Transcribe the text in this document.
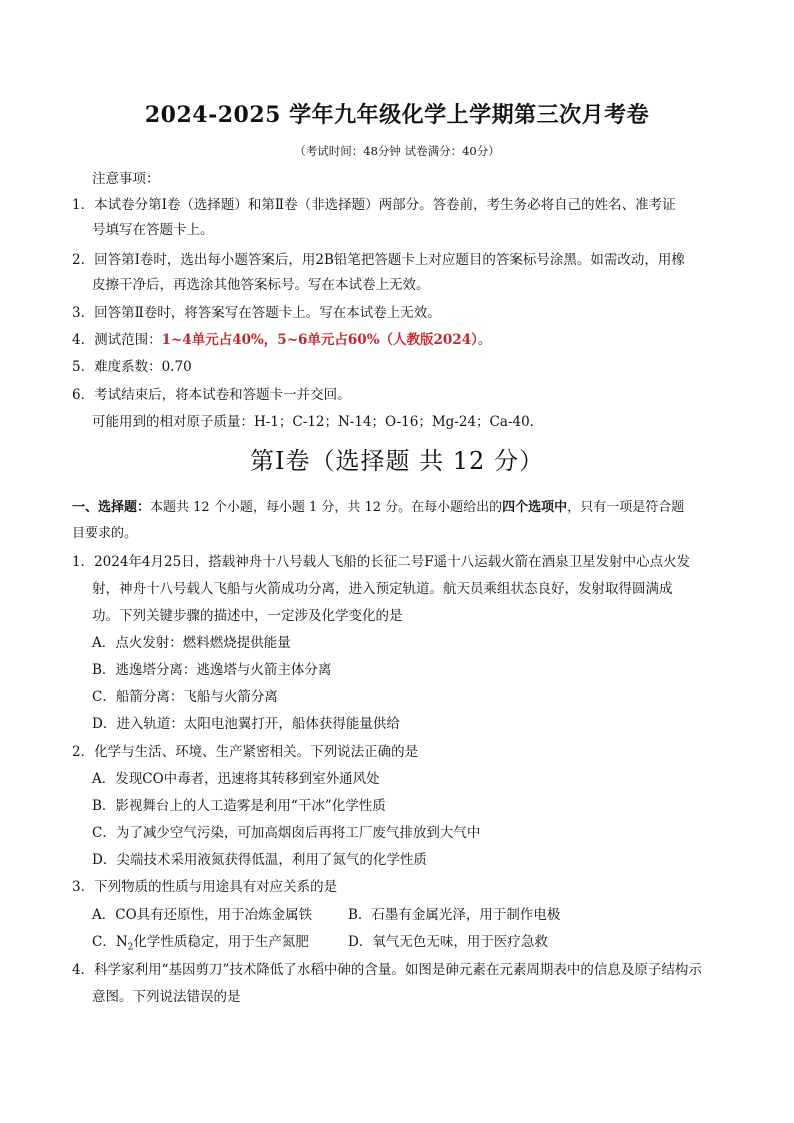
2024-2025 学年九年级化学上学期第三次月考卷
（考试时间：48分钟 试卷满分：40分）
注意事项：
1．本试卷分第Ⅰ卷（选择题）和第Ⅱ卷（非选择题）两部分。答卷前，考生务必将自己的姓名、准考证
号填写在答题卡上。
2．回答第Ⅰ卷时，选出每小题答案后，用2B铅笔把答题卡上对应题目的答案标号涂黑。如需改动，用橡
皮擦干净后，再选涂其他答案标号。写在本试卷上无效。
3．回答第Ⅱ卷时，将答案写在答题卡上。写在本试卷上无效。
4．测试范围：1~4单元占40%，5~6单元占60%（人教版2024）。
5．难度系数：0.70
6．考试结束后，将本试卷和答题卡一并交回。
可能用到的相对原子质量：H-1；C-12；N-14；O-16；Mg-24；Ca-40.
第Ⅰ卷（选择题 共 12 分）
一、选择题：本题共 12 个小题，每小题 1 分，共 12 分。在每小题给出的四个选项中，只有一项是符合题
目要求的。
1．2024年4月25日，搭载神舟十八号载人飞船的长征二号F遥十八运载火箭在酒泉卫星发射中心点火发
射，神舟十八号载人飞船与火箭成功分离，进入预定轨道。航天员乘组状态良好，发射取得圆满成
功。下列关键步骤的描述中，一定涉及化学变化的是
A．点火发射：燃料燃烧提供能量
B．逃逸塔分离：逃逸塔与火箭主体分离
C．船箭分离：飞船与火箭分离
D．进入轨道：太阳电池翼打开，船体获得能量供给
2．化学与生活、环境、生产紧密相关。下列说法正确的是
A．发现CO中毒者，迅速将其转移到室外通风处
B．影视舞台上的人工造雾是利用“干冰”化学性质
C．为了减少空气污染，可加高烟囱后再将工厂废气排放到大气中
D．尖端技术采用液氮获得低温，利用了氮气的化学性质
3．下列物质的性质与用途具有对应关系的是
A．CO具有还原性，用于冶炼金属铁	B．石墨有金属光泽，用于制作电极
C．$N_2$化学性质稳定，用于生产氮肥	D．氧气无色无味，用于医疗急救
4．科学家利用“基因剪刀”技术降低了水稻中砷的含量。如图是砷元素在元素周期表中的信息及原子结构示
意图。下列说法错误的是
